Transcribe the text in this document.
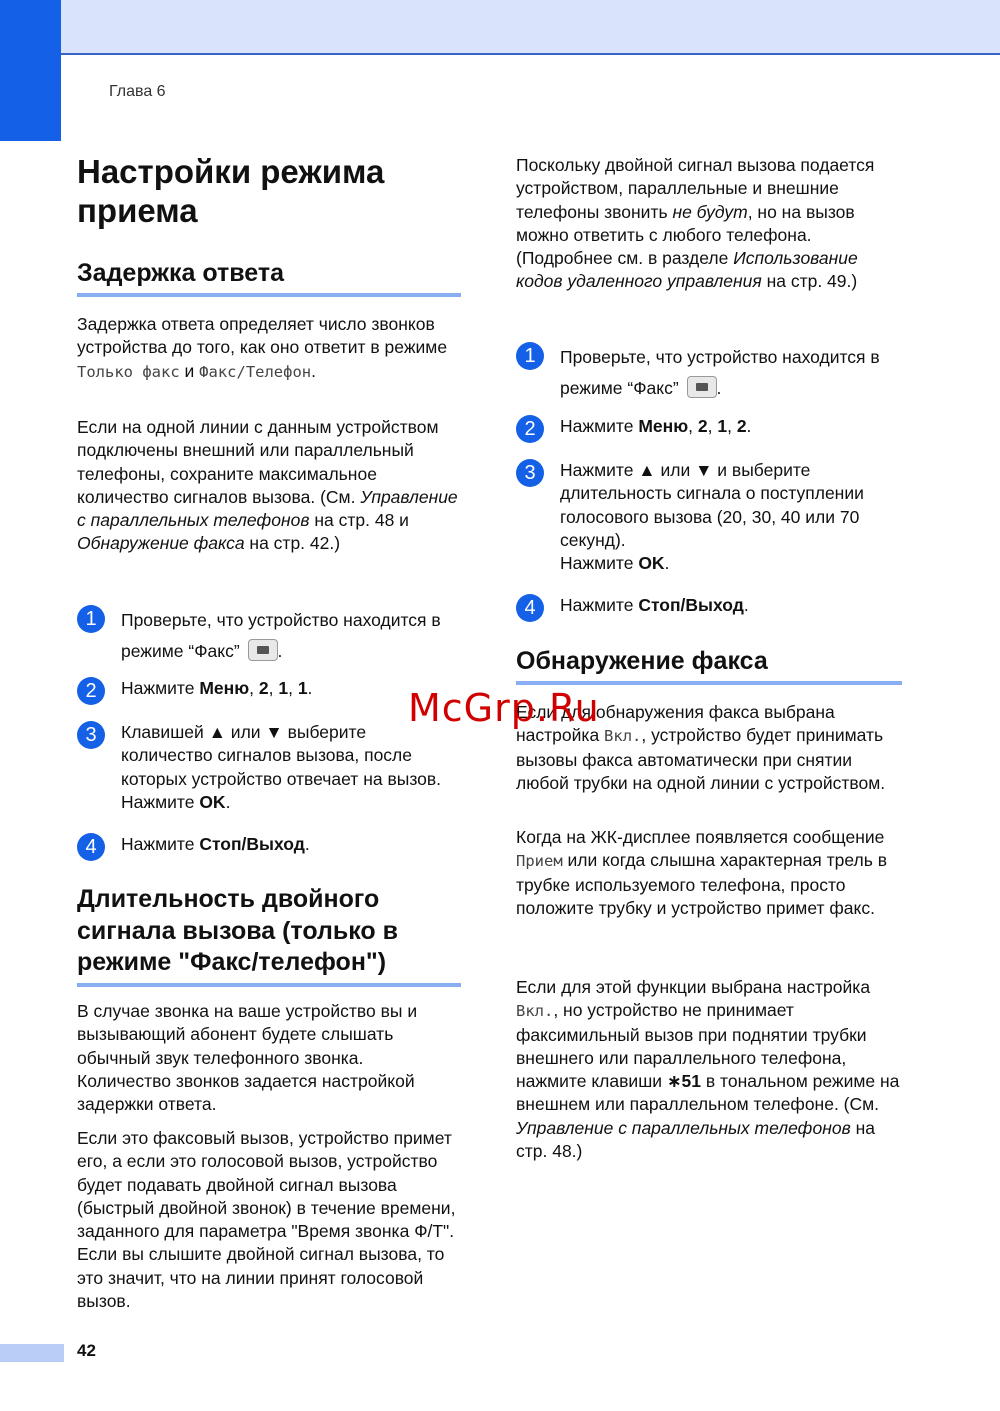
Глава 6
Настройки режима
приема
Задержка ответа

Задержка ответа определяет число звонков устройства до того, как оно ответит в режиме Только факс и Факс/Телефон.

Если на одной линии с данным устройством подключены внешний или параллельный телефоны, сохраните максимальное количество сигналов вызова. (См. Управление с параллельных телефонов на стр. 48 и Обнаружение факса на стр. 42.)

1	Проверьте, что устройство находится в режиме “Факс” .
2	Нажмите Меню, 2, 1, 1.
3	Клавишей ▲ или ▼ выберите количество сигналов вызова, после которых устройство отвечает на вызов.
Нажмите OK.
4	Нажмите Стоп/Выход.
Длительность двойного
сигнала вызова (только в
режиме "Факс/телефон")

В случае звонка на ваше устройство вы и вызывающий абонент будете слышать обычный звук телефонного звонка. Количество звонков задается настройкой задержки ответа.

Если это факсовый вызов, устройство примет его, а если это голосовой вызов, устройство будет подавать двойной сигнал вызова (быстрый двойной звонок) в течение времени, заданного для параметра "Время звонка Ф/Т". Если вы слышите двойной сигнал вызова, то это значит, что на линии принят голосовой вызов.

Поскольку двойной сигнал вызова подается устройством, параллельные и внешние телефоны звонить не будут, но на вызов можно ответить с любого телефона. (Подробнее см. в разделе Использование кодов удаленного управления на стр. 49.)

1	Проверьте, что устройство находится в режиме “Факс” .
2	Нажмите Меню, 2, 1, 2.
3	Нажмите ▲ или ▼ и выберите длительность сигнала о поступлении голосового вызова (20, 30, 40 или 70 секунд).
Нажмите OK.
4	Нажмите Стоп/Выход.
Обнаружение факса

Если для обнаружения факса выбрана настройка Вкл., устройство будет принимать вызовы факса автоматически при снятии любой трубки на одной линии с устройством.

Когда на ЖК-дисплее появляется сообщение Прием или когда слышна характерная трель в трубке используемого телефона, просто положите трубку и устройство примет факс.

Если для этой функции выбрана настройка Вкл., но устройство не принимает факсимильный вызов при поднятии трубки внешнего или параллельного телефона, нажмите клавиши ∗51 в тональном режиме на внешнем или параллельном телефоне. (См. Управление с параллельных телефонов на стр. 48.)

McGrp.Ru
42
